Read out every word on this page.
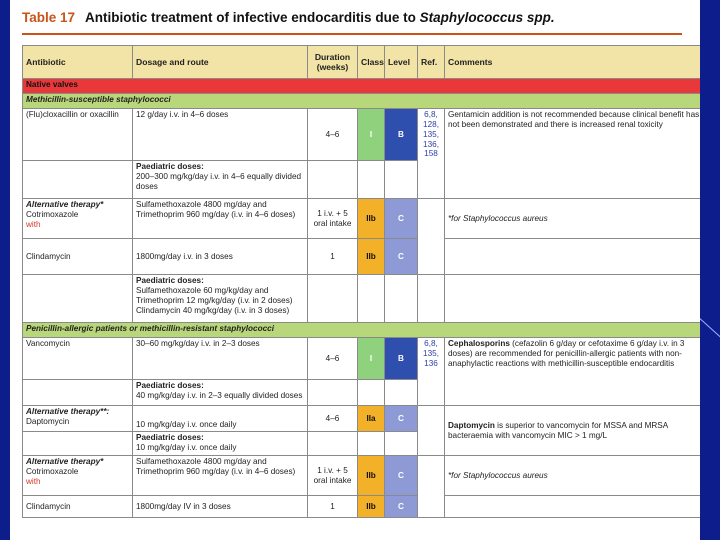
Table 17 Antibiotic treatment of infective endocarditis due to Staphylococcus spp.
Antibiotic	Dosage and route	Duration (weeks)	Class	Level	Ref.	Comments
Native valves						
Methicillin-susceptible staphylococci						
(Flu)cloxacillin or oxacillin	12 g/day i.v. in 4–6 doses	4–6	I	B	6,8, 128, 135, 136, 158	Gentamicin addition is not recommended because clinical benefit has not been demonstrated and there is increased renal toxicity
	Paediatric doses:
200–300 mg/kg/day i.v. in 4–6 equally divided doses					
Alternative therapy*
Cotrimoxazole
with	Sulfamethoxazole 4800 mg/day and Trimethoprim 960 mg/day (i.v. in 4–6 doses)	1 i.v. + 5 oral intake	IIb	C		*for Staphylococcus aureus
Clindamycin	1800mg/day i.v. in 3 doses	1	IIb	C		
	Paediatric doses:
Sulfamethoxazole 60 mg/kg/day and Trimethoprim 12 mg/kg/day (i.v. in 2 doses) Clindamycin 40 mg/kg/day (i.v. in 3 doses)					
Penicillin-allergic patients or methicillin-resistant staphylococci						
Vancomycin	30–60 mg/kg/day i.v. in 2–3 doses	4–6	I	B	6,8, 135, 136	Cephalosporins (cefazolin 6 g/day or cefotaxime 6 g/day i.v. in 3 doses) are recommended for penicillin-allergic patients with non-anaphylactic reactions with methicillin-susceptible endocarditis
	Paediatric doses:
40 mg/kg/day i.v. in 2–3 equally divided doses					
Alternative therapy**:
Daptomycin	10 mg/kg/day i.v. once daily	4–6	IIa	C		Daptomycin is superior to vancomycin for MSSA and MRSA bacteraemia with vancomycin MIC > 1 mg/L
	Paediatric doses:
10 mg/kg/day i.v. once daily					
Alternative therapy*
Cotrimoxazole
with	Sulfamethoxazole 4800 mg/day and Trimethoprim 960 mg/day (i.v. in 4–6 doses)	1 i.v. + 5 oral intake	IIb	C		*for Staphylococcus aureus
Clindamycin	1800mg/day IV in 3 doses	1	IIb	C		
